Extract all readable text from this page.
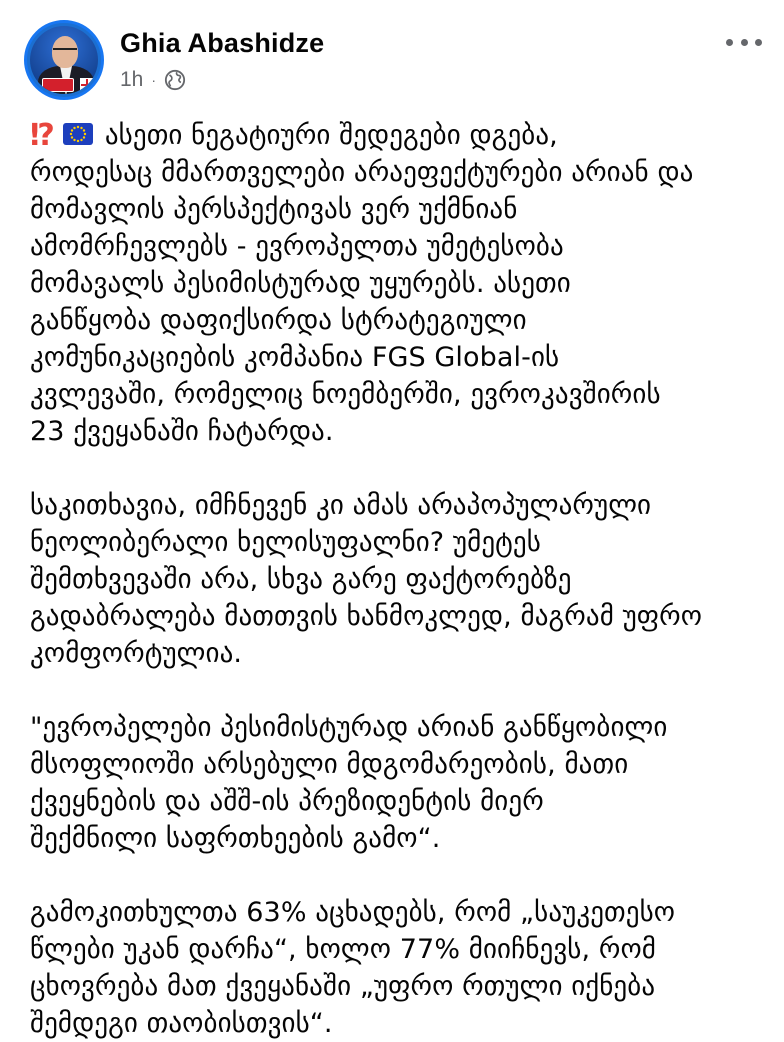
Ghia Abashidze
1h ·
⁉ ასეთი ნეგატიური შედეგები დგება,
როდესაც მმართველები არაეფექტურები არიან და
მომავლის პერსპექტივას ვერ უქმნიან
ამომრჩევლებს - ევროპელთა უმეტესობა
მომავალს პესიმისტურად უყურებს. ასეთი
განწყობა დაფიქსირდა სტრატეგიული
კომუნიკაციების კომპანია FGS Global-ის
კვლევაში, რომელიც ნოემბერში, ევროკავშირის
23 ქვეყანაში ჩატარდა.
საკითხავია, იმჩნევენ კი ამას არაპოპულარული
ნეოლიბერალი ხელისუფალნი? უმეტეს
შემთხვევაში არა, სხვა გარე ფაქტორებზე
გადაბრალება მათთვის ხანმოკლედ, მაგრამ უფრო
კომფორტულია.
"ევროპელები პესიმისტურად არიან განწყობილი
მსოფლიოში არსებული მდგომარეობის, მათი
ქვეყნების და აშშ-ის პრეზიდენტის მიერ
შექმნილი საფრთხეების გამო“.
გამოკითხულთა 63% აცხადებს, რომ „საუკეთესო
წლები უკან დარჩა“, ხოლო 77% მიიჩნევს, რომ
ცხოვრება მათ ქვეყანაში „უფრო რთული იქნება
შემდეგი თაობისთვის“.
